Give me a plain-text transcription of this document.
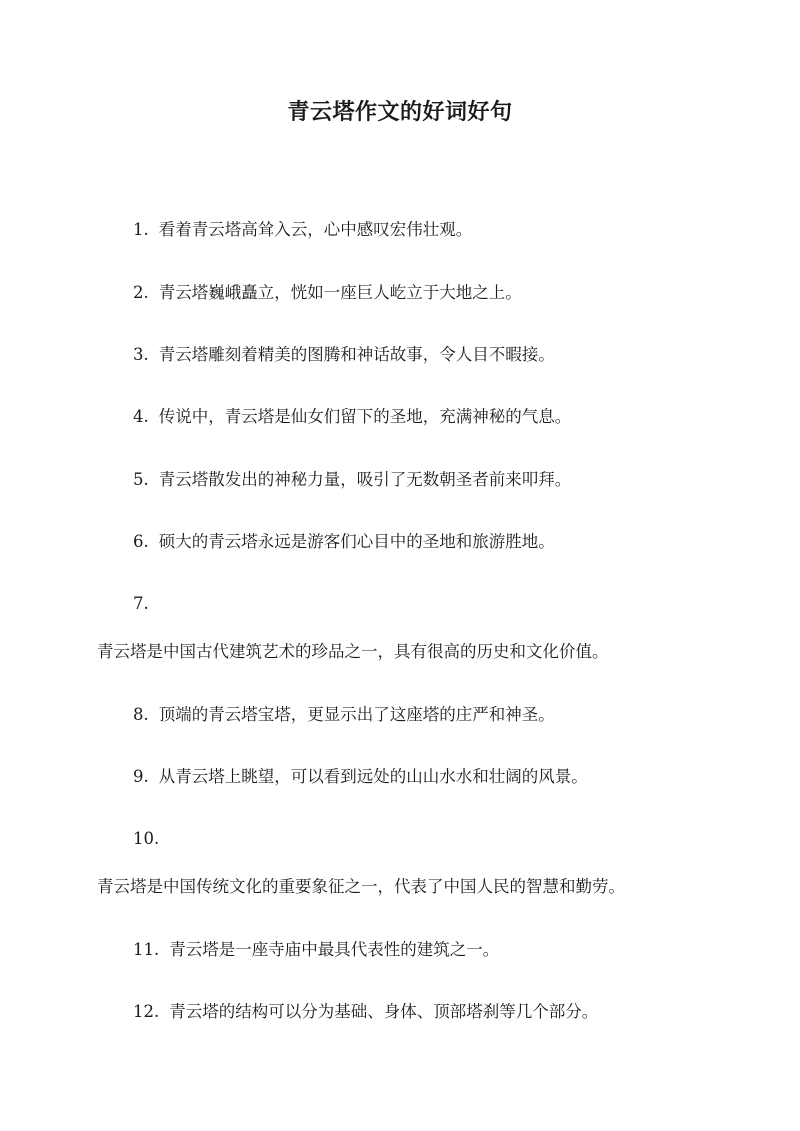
青云塔作文的好词好句

1. 看着青云塔高耸入云，心中感叹宏伟壮观。

2. 青云塔巍峨矗立，恍如一座巨人屹立于大地之上。

3. 青云塔雕刻着精美的图腾和神话故事，令人目不暇接。

4. 传说中，青云塔是仙女们留下的圣地，充满神秘的气息。

5. 青云塔散发出的神秘力量，吸引了无数朝圣者前来叩拜。

6. 硕大的青云塔永远是游客们心目中的圣地和旅游胜地。

7.

青云塔是中国古代建筑艺术的珍品之一，具有很高的历史和文化价值。

8. 顶端的青云塔宝塔，更显示出了这座塔的庄严和神圣。

9. 从青云塔上眺望，可以看到远处的山山水水和壮阔的风景。

10.

青云塔是中国传统文化的重要象征之一，代表了中国人民的智慧和勤劳。

11. 青云塔是一座寺庙中最具代表性的建筑之一。

12. 青云塔的结构可以分为基础、身体、顶部塔刹等几个部分。
